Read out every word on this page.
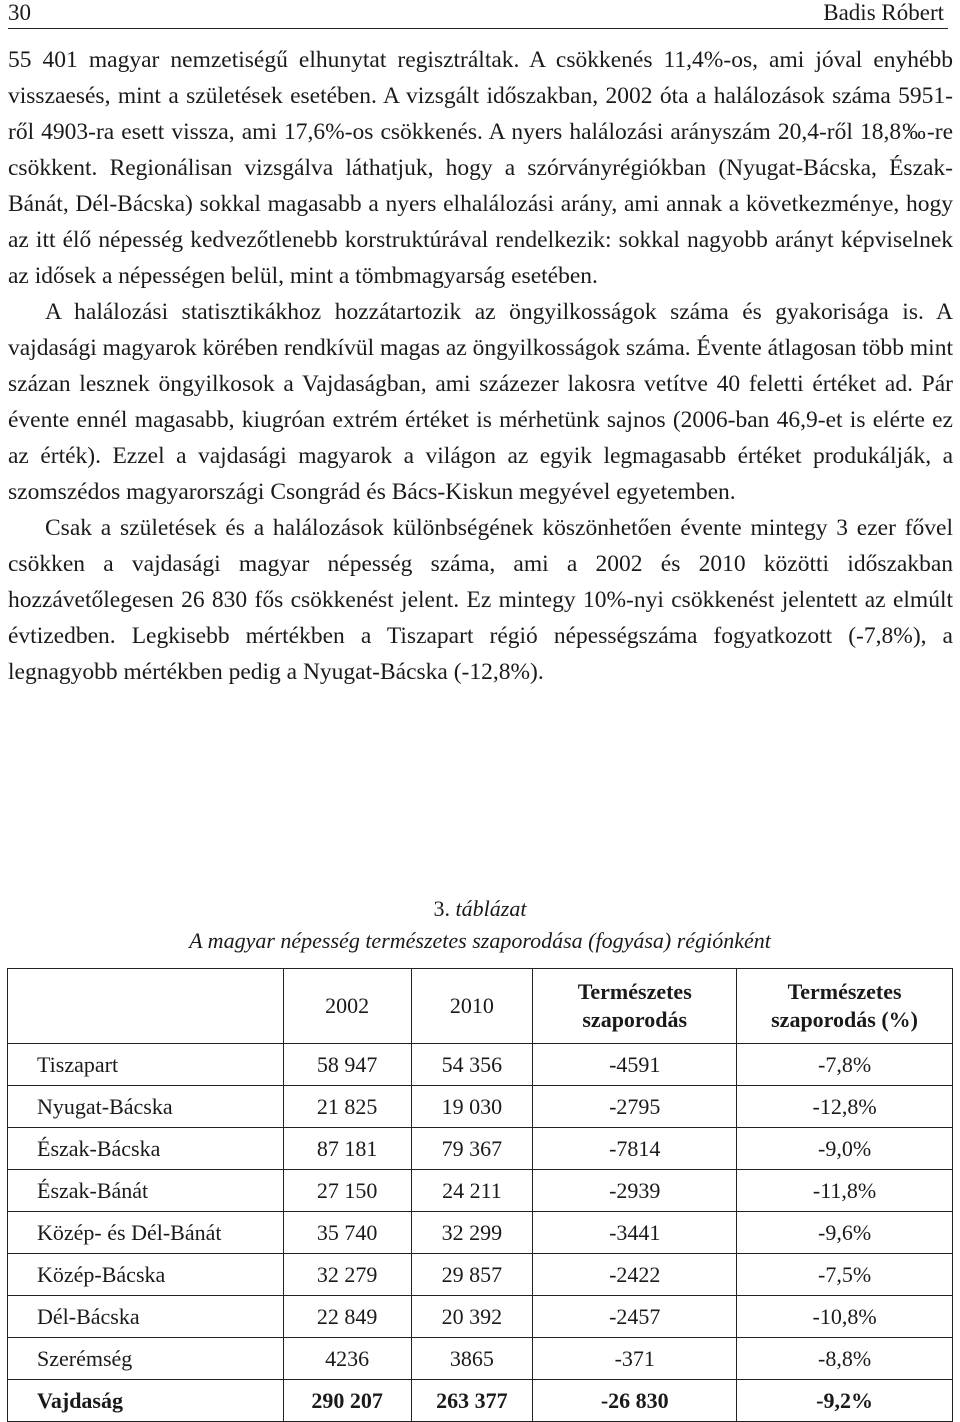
30	Badis Róbert

55 401 magyar nemzetiségű elhunytat regisztráltak. A csökkenés 11,4%-os, ami jóval enyhébb visszaesés, mint a születések esetében. A vizsgált időszakban, 2002 óta a halálozások száma 5951-ről 4903-ra esett vissza, ami 17,6%-os csökkenés. A nyers halálozási arányszám 20,4-ről 18,8‰-re csökkent. Regionálisan vizsgálva láthatjuk, hogy a szórványrégiókban (Nyugat-Bácska, Észak-Bánát, Dél-Bácska) sokkal magasabb a nyers elhalálozási arány, ami annak a következménye, hogy az itt élő népesség kedvezőtlenebb korstruktúrával rendelkezik: sokkal nagyobb arányt képviselnek az idősek a népességen belül, mint a tömbmagyarság esetében.

A halálozási statisztikákhoz hozzátartozik az öngyilkosságok száma és gyakorisága is. A vajdasági magyarok körében rendkívül magas az öngyilkosságok száma. Évente átlagosan több mint százan lesznek öngyilkosok a Vajdaságban, ami százezer lakosra vetítve 40 feletti értéket ad. Pár évente ennél magasabb, kiugróan extrém értéket is mérhetünk sajnos (2006-ban 46,9-et is elérte ez az érték). Ezzel a vajdasági magyarok a világon az egyik legmagasabb értéket produkálják, a szomszédos magyarországi Csongrád és Bács-Kiskun megyével egyetemben.

Csak a születések és a halálozások különbségének köszönhetően évente mintegy 3 ezer fővel csökken a vajdasági magyar népesség száma, ami a 2002 és 2010 közötti időszakban hozzávetőlegesen 26 830 fős csökkenést jelent. Ez mintegy 10%-nyi csökkenést jelentett az elmúlt évtizedben. Legkisebb mértékben a Tiszapart régió népességszáma fogyatkozott (-7,8%), a legnagyobb mértékben pedig a Nyugat-Bácska (-12,8%).

3. táblázat
A magyar népesség természetes szaporodása (fogyása) régiónként
	2002	2010	Természetes szaporodás	Természetes szaporodás (%)
Tiszapart	58 947	54 356	-4591	-7,8%
Nyugat-Bácska	21 825	19 030	-2795	-12,8%
Észak-Bácska	87 181	79 367	-7814	-9,0%
Észak-Bánát	27 150	24 211	-2939	-11,8%
Közép- és Dél-Bánát	35 740	32 299	-3441	-9,6%
Közép-Bácska	32 279	29 857	-2422	-7,5%
Dél-Bácska	22 849	20 392	-2457	-10,8%
Szerémség	4236	3865	-371	-8,8%
Vajdaság	290 207	263 377	-26 830	-9,2%
